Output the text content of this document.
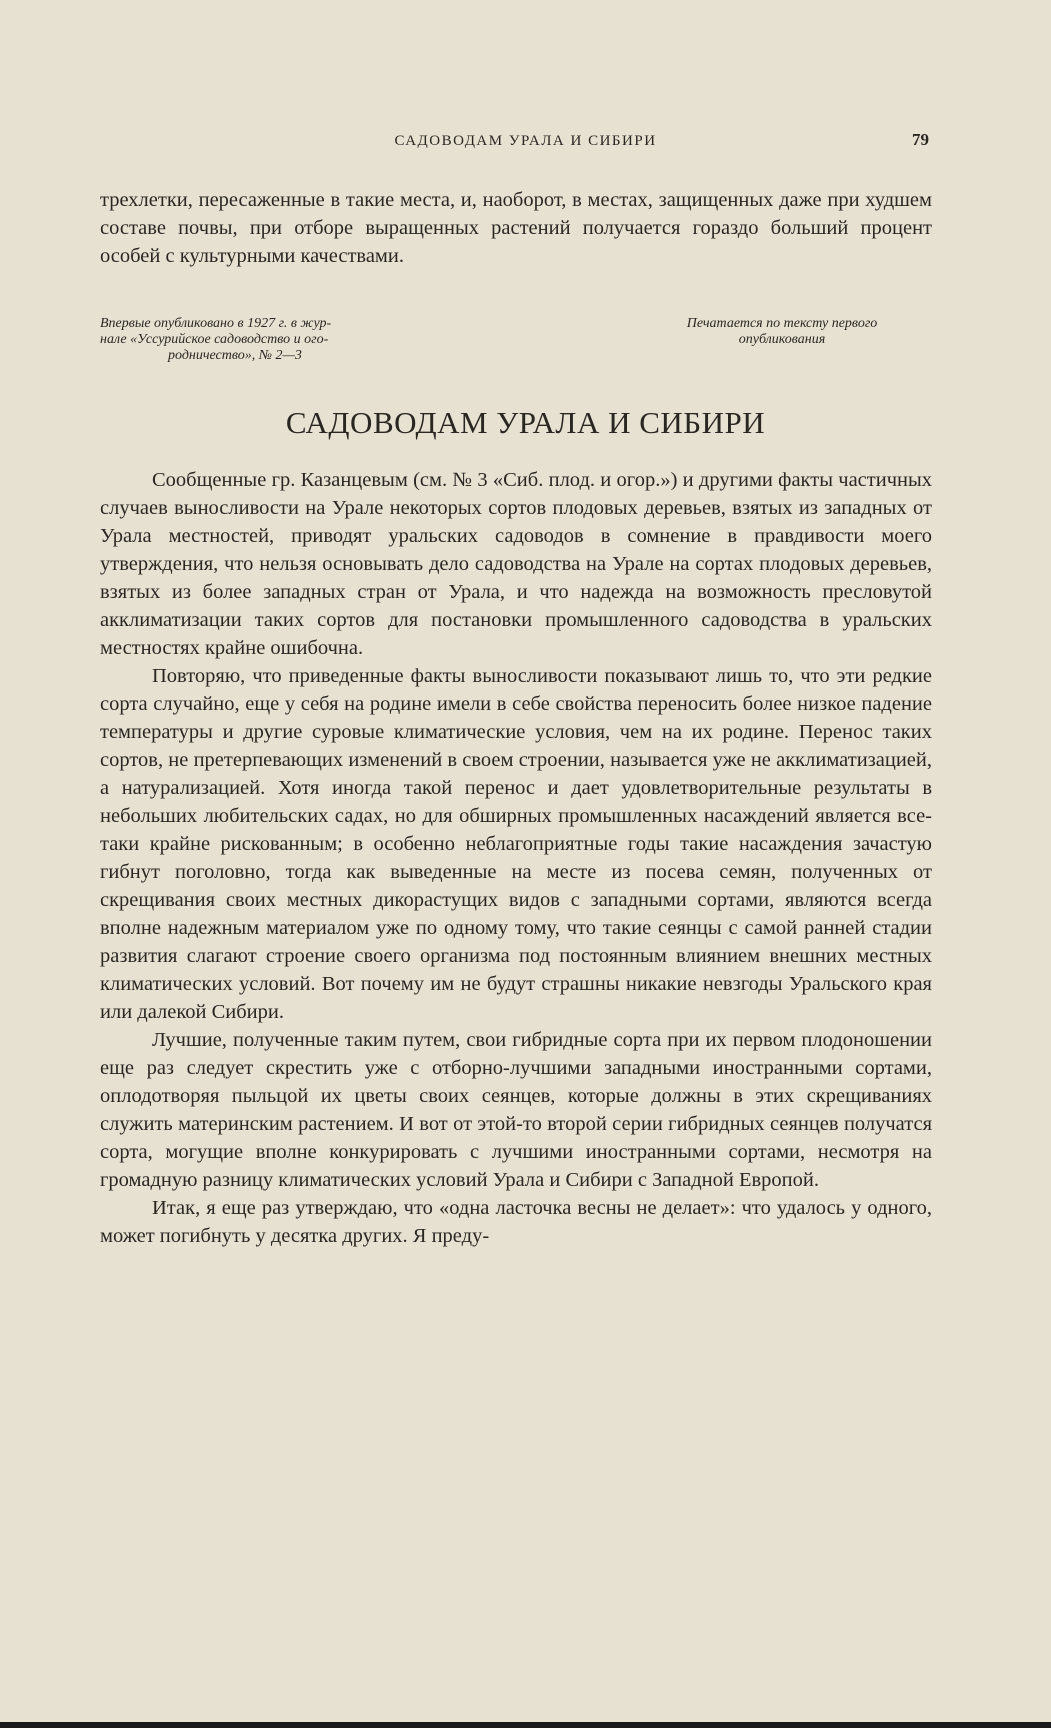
САДОВОДАМ УРАЛА И СИБИРИ	79

трехлетки, пересаженные в такие места, и, наоборот, в местах, защищенных даже при худшем составе почвы, при отборе выращенных растений получается гораздо больший процент особей с культурными качествами.

Впервые опубликовано в 1927 г. в жур-
нале «Уссурийское садоводство и ого-
родничество», № 2—3
Печатается по тексту первого
опубликования
САДОВОДАМ УРАЛА И СИБИРИ

Сообщенные гр. Казанцевым (см. № 3 «Сиб. плод. и огор.») и другими факты частичных случаев выносливости на Урале некоторых сортов плодовых деревьев, взятых из западных от Урала местностей, приводят уральских садоводов в сомнение в правдивости моего утверждения, что нельзя основывать дело садоводства на Урале на сортах плодовых деревьев, взятых из более западных стран от Урала, и что надежда на возможность пресловутой акклиматизации таких сортов для постановки промышленного садоводства в уральских местностях крайне ошибочна.

Повторяю, что приведенные факты выносливости показывают лишь то, что эти редкие сорта случайно, еще у себя на родине имели в себе свойства переносить более низкое падение температуры и другие суровые климатические условия, чем на их родине. Перенос таких сортов, не претерпевающих изменений в своем строении, называется уже не акклиматизацией, а натурализацией. Хотя иногда такой перенос и дает удовлетворительные результаты в небольших любительских садах, но для обширных промышленных насаждений является все-таки крайне рискованным; в особенно неблагоприятные годы такие насаждения зачастую гибнут поголовно, тогда как выведенные на месте из посева семян, полученных от скрещивания своих местных дикорастущих видов с западными сортами, являются всегда вполне надежным материалом уже по одному тому, что такие сеянцы с самой ранней стадии развития слагают строение своего организма под постоянным влиянием внешних местных климатических условий. Вот почему им не будут страшны никакие невзгоды Уральского края или далекой Сибири.

Лучшие, полученные таким путем, свои гибридные сорта при их первом плодоношении еще раз следует скрестить уже с отборно-лучшими западными иностранными сортами, оплодотворяя пыльцой их цветы своих сеянцев, которые должны в этих скрещиваниях служить материнским растением. И вот от этой-то второй серии гибридных сеянцев получатся сорта, могущие вполне конкурировать с лучшими иностранными сортами, несмотря на громадную разницу климатических условий Урала и Сибири с Западной Европой.

Итак, я еще раз утверждаю, что «одна ласточка весны не делает»: что удалось у одного, может погибнуть у десятка других. Я преду-
